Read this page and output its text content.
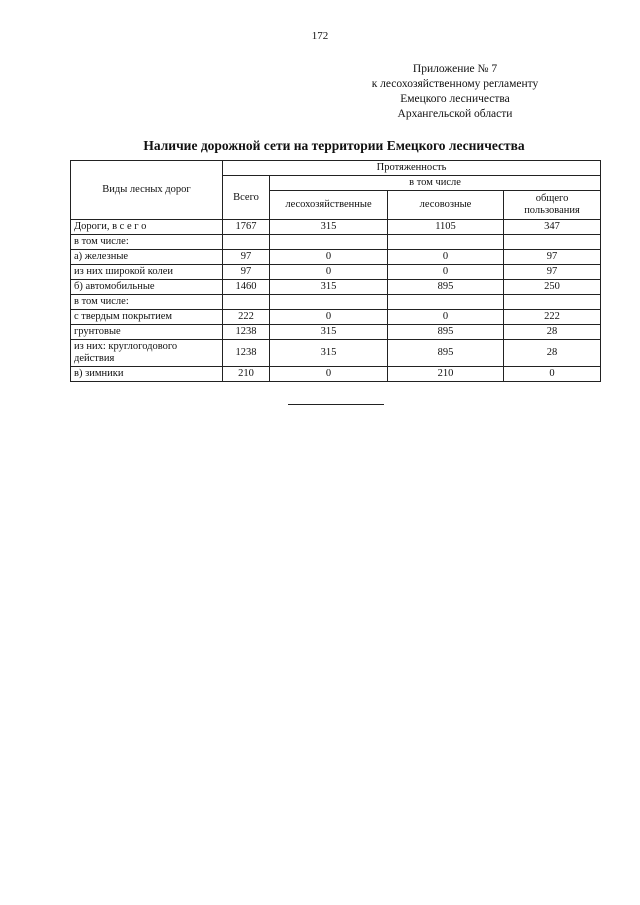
172
Приложение № 7
к лесохозяйственному регламенту
Емецкого лесничества
Архангельской области
Наличие дорожной сети на территории Емецкого лесничества
Виды лесных дорог	Протяженность			
	Всего	в том числе		
		лесохозяйственные	лесовозные	общего пользования
Дороги, в с е г о	1767	315	1105	347
в том числе:				
а) железные	97	0	0	97
из них широкой колеи	97	0	0	97
б) автомобильные	1460	315	895	250
в том числе:				
с твердым покрытием	222	0	0	222
грунтовые	1238	315	895	28
из них: круглогодового действия	1238	315	895	28
в) зимники	210	0	210	0
